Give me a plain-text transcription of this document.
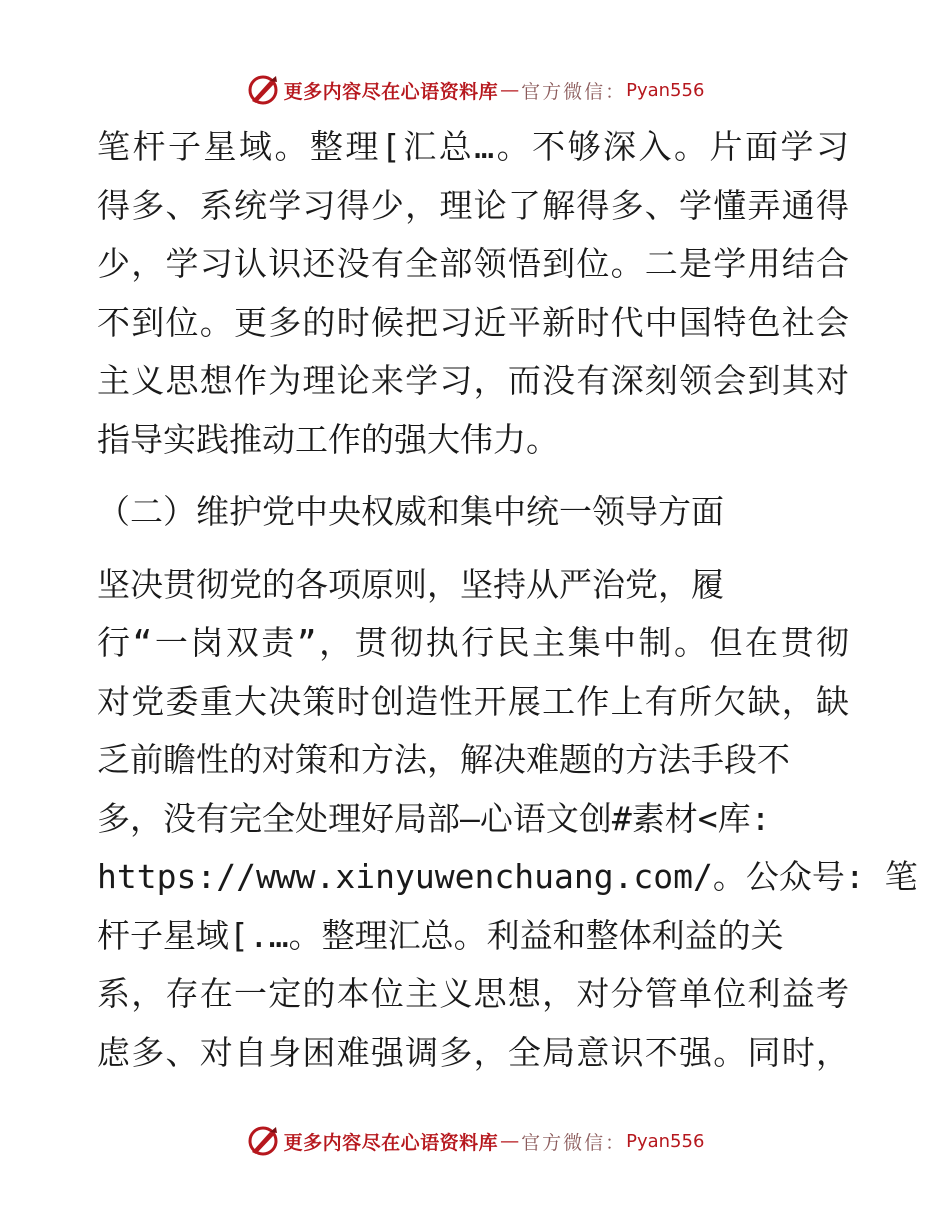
更多内容尽在心语资料库 — 官方微信： Pyan556
笔杆子星域。整理[汇总…。不够深入。片面学习
得多、系统学习得少，理论了解得多、学懂弄通得
少，学习认识还没有全部领悟到位。二是学用结合
不到位。更多的时候把习近平新时代中国特色社会
主义思想作为理论来学习，而没有深刻领会到其对
指导实践推动工作的强大伟力。
（二）维护党中央权威和集中统一领导方面
坚决贯彻党的各项原则，坚持从严治党，履
行“一岗双责”，贯彻执行民主集中制。但在贯彻
对党委重大决策时创造性开展工作上有所欠缺，缺
乏前瞻性的对策和方法，解决难题的方法手段不
多，没有完全处理好局部—心语文创#素材<库:
https://www.xinyuwenchuang.com/。公众号: 笔
杆子星域[.…。整理汇总。利益和整体利益的关
系，存在一定的本位主义思想，对分管单位利益考
虑多、对自身困难强调多，全局意识不强。同时，
更多内容尽在心语资料库 — 官方微信： Pyan556
